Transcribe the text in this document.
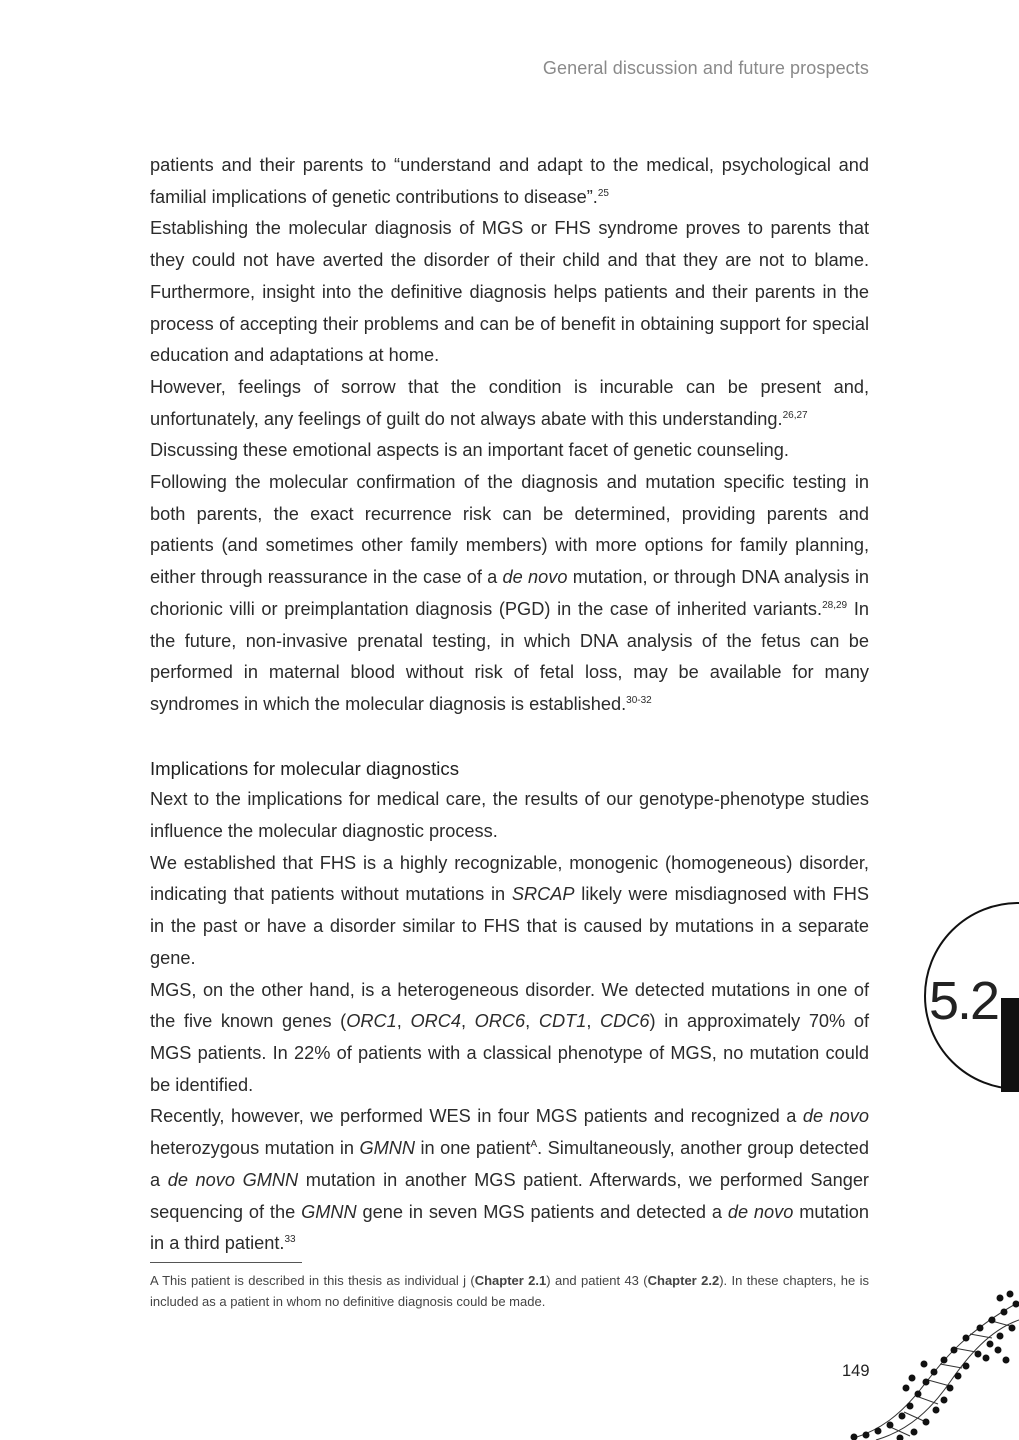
General discussion and future prospects

patients and their parents to “understand and adapt to the medical, psychological and familial implications of genetic contributions to disease”.$^{25}$

Establishing the molecular diagnosis of MGS or FHS syndrome proves to parents that they could not have averted the disorder of their child and that they are not to blame. Furthermore, insight into the definitive diagnosis helps patients and their parents in the process of accepting their problems and can be of benefit in obtaining support for special education and adaptations at home.

However, feelings of sorrow that the condition is incurable can be present and, unfortunately, any feelings of guilt do not always abate with this understanding.$^{26,27}$

Discussing these emotional aspects is an important facet of genetic counseling.

Following the molecular confirmation of the diagnosis and mutation specific testing in both parents, the exact recurrence risk can be determined, providing parents and patients (and sometimes other family members) with more options for family planning, either through reassurance in the case of a de novo mutation, or through DNA analysis in chorionic villi or preimplantation diagnosis (PGD) in the case of inherited variants.$^{28,29}$ In the future, non-invasive prenatal testing, in which DNA analysis of the fetus can be performed in maternal blood without risk of fetal loss, may be available for many syndromes in which the molecular diagnosis is established.$^{30-32}$

Implications for molecular diagnostics

Next to the implications for medical care, the results of our genotype-phenotype studies influence the molecular diagnostic process.

We established that FHS is a highly recognizable, monogenic (homogeneous) disorder, indicating that patients without mutations in SRCAP likely were misdiagnosed with FHS in the past or have a disorder similar to FHS that is caused by mutations in a separate gene.

MGS, on the other hand, is a heterogeneous disorder. We detected mutations in one of the five known genes (ORC1, ORC4, ORC6, CDT1, CDC6) in approximately 70% of MGS patients. In 22% of patients with a classical phenotype of MGS, no mutation could be identified.

Recently, however, we performed WES in four MGS patients and recognized a de novo heterozygous mutation in GMNN in one patient$^A$. Simultaneously, another group detected a de novo GMNN mutation in another MGS patient. Afterwards, we performed Sanger sequencing of the GMNN gene in seven MGS patients and detected a de novo mutation in a third patient.$^{33}$

A This patient is described in this thesis as individual j (Chapter 2.1) and patient 43 (Chapter 2.2). In these chapters, he is included as a patient in whom no definitive diagnosis could be made.
5.2
149
